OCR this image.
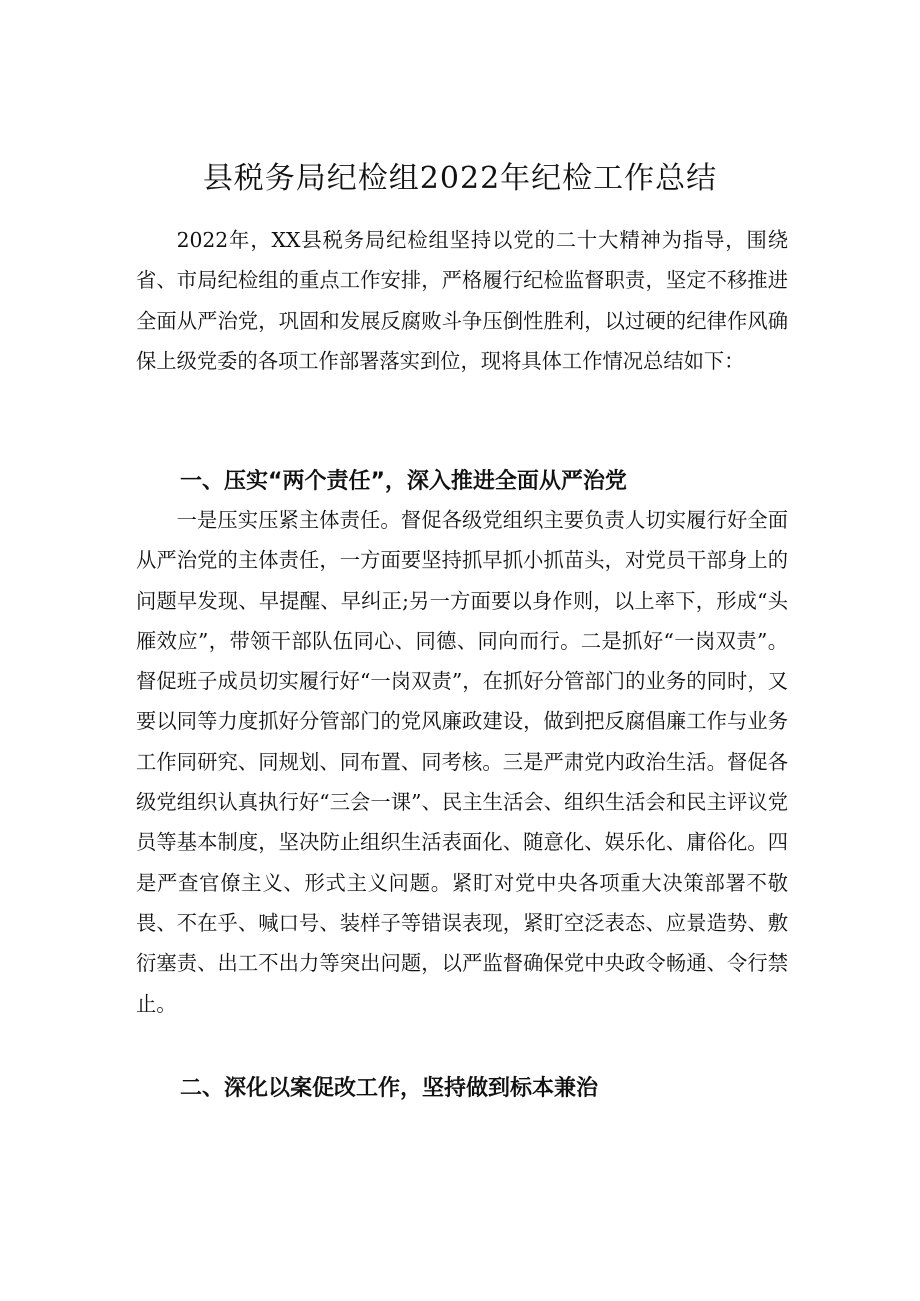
县税务局纪检组2022年纪检工作总结

2022年，XX县税务局纪检组坚持以党的二十大精神为指导，围绕省、市局纪检组的重点工作安排，严格履行纪检监督职责，坚定不移推进全面从严治党，巩固和发展反腐败斗争压倒性胜利，以过硬的纪律作风确保上级党委的各项工作部署落实到位，现将具体工作情况总结如下：

一、压实“两个责任”，深入推进全面从严治党

一是压实压紧主体责任。督促各级党组织主要负责人切实履行好全面从严治党的主体责任，一方面要坚持抓早抓小抓苗头，对党员干部身上的问题早发现、早提醒、早纠正;另一方面要以身作则，以上率下，形成“头雁效应”，带领干部队伍同心、同德、同向而行。二是抓好“一岗双责”。督促班子成员切实履行好“一岗双责”，在抓好分管部门的业务的同时，又要以同等力度抓好分管部门的党风廉政建设，做到把反腐倡廉工作与业务工作同研究、同规划、同布置、同考核。三是严肃党内政治生活。督促各级党组织认真执行好“三会一课”、民主生活会、组织生活会和民主评议党员等基本制度，坚决防止组织生活表面化、随意化、娱乐化、庸俗化。四是严查官僚主义、形式主义问题。紧盯对党中央各项重大决策部署不敬畏、不在乎、喊口号、装样子等错误表现，紧盯空泛表态、应景造势、敷衍塞责、出工不出力等突出问题，以严监督确保党中央政令畅通、令行禁止。

二、深化以案促改工作，坚持做到标本兼治
